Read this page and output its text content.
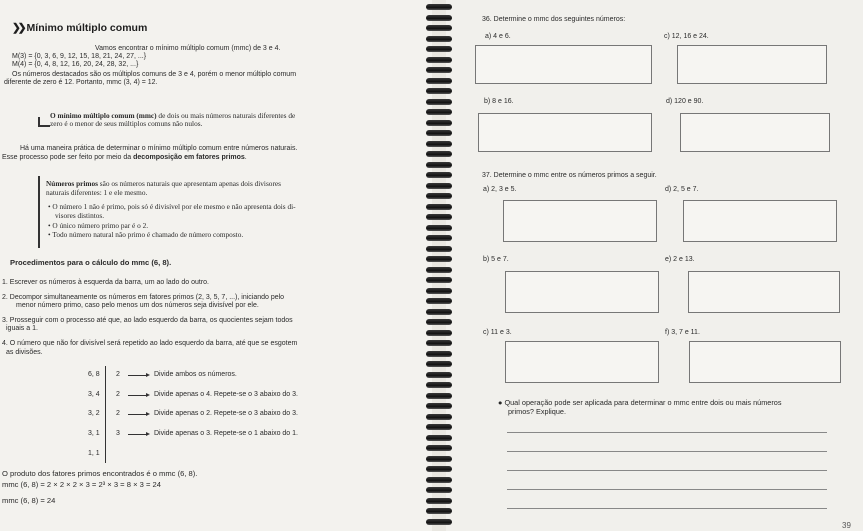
❯❯ Mínimo múltiplo comum
Vamos encontrar o mínimo múltiplo comum (mmc) de 3 e 4.
M(3) = {0, 3, 6, 9, 12, 15, 18, 21, 24, 27, ...}
M(4) = {0, 4, 8, 12, 16, 20, 24, 28, 32, ...}
Os números destacados são os múltiplos comuns de 3 e 4, porém o menor múltiplo comum
diferente de zero é 12. Portanto, mmc (3, 4) = 12.
O mínimo múltiplo comum (mmc) de dois ou mais números naturais diferentes de
zero é o menor de seus múltiplos comuns não nulos.
Há uma maneira prática de determinar o mínimo múltiplo comum entre números naturais.
Esse processo pode ser feito por meio da decomposição em fatores primos.
Números primos são os números naturais que apresentam apenas dois divisores
naturais diferentes: 1 e ele mesmo.
• O número 1 não é primo, pois só é divisível por ele mesmo e não apresenta dois di-
visores distintos.
• O único número primo par é o 2.
• Todo número natural não primo é chamado de número composto.
Procedimentos para o cálculo do mmc (6, 8).
1. Escrever os números à esquerda da barra, um ao lado do outro.
2. Decompor simultaneamente os números em fatores primos (2, 3, 5, 7, ...), iniciando pelo
menor número primo, caso pelo menos um dos números seja divisível por ele.
3. Prosseguir com o processo até que, ao lado esquerdo da barra, os quocientes sejam todos
iguais a 1.
4. O número que não for divisível será repetido ao lado esquerdo da barra, até que se esgotem
as divisões.
6, 8 2	Divide ambos os números.
3, 4 2	Divide apenas o 4. Repete-se o 3 abaixo do 3.
3, 2 2	Divide apenas o 2. Repete-se o 3 abaixo do 3.
3, 1 3	Divide apenas o 3. Repete-se o 1 abaixo do 1.
1, 1
O produto dos fatores primos encontrados é o mmc (6, 8).
mmc (6, 8) = 2 × 2 × 2 × 3 = 2³ × 3 = 8 × 3 = 24
mmc (6, 8) = 24
36. Determine o mmc dos seguintes números:
a) 4 e 6.	c) 12, 16 e 24.
b) 8 e 16.	d) 120 e 90.
37. Determine o mmc entre os números primos a seguir.
a) 2, 3 e 5.	d) 2, 5 e 7.
b) 5 e 7.	e) 2 e 13.
c) 11 e 3.	f) 3, 7 e 11.
● Qual operação pode ser aplicada para determinar o mmc entre dois ou mais números
primos? Explique.
39
